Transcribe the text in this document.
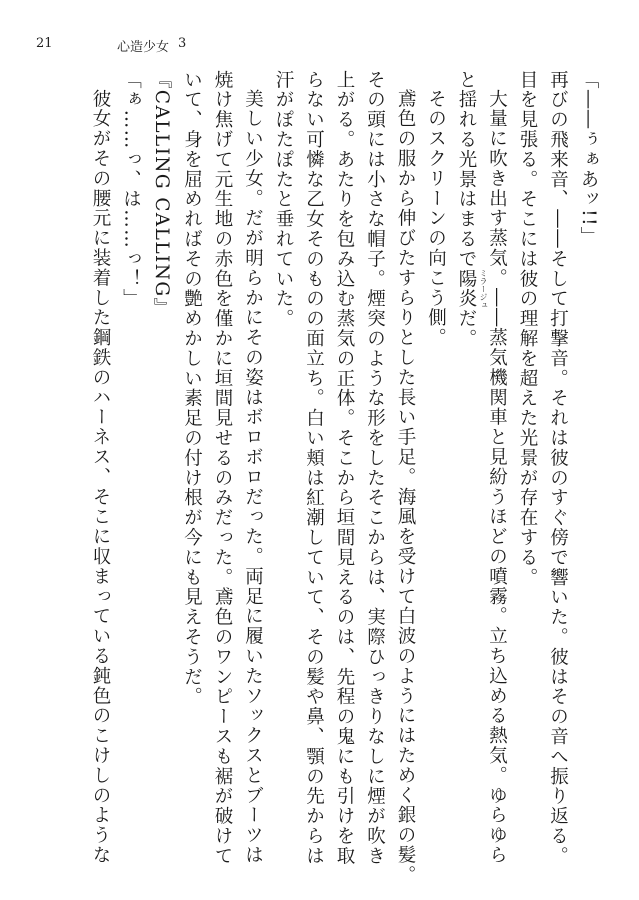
21	心造少女 3

「――ぅぁあッ!!」

再びの飛来音、――そして打撃音。それは彼のすぐ傍で響いた。彼はその音へ振り返る。

目を見張る。そこには彼の理解を超えた光景が存在する。

大量に吹き出す蒸気。――蒸気機関車と見紛うほどの噴霧。立ち込める熱気。ゆらゆら

と揺れる光景はまるで陽炎 ミラージュ
だ。

そのスクリーンの向こう側。

鳶色の服から伸びたすらりとした長い手足。海風を受けて白波のようにはためく銀の髪。

その頭には小さな帽子。煙突のような形をしたそこからは、実際ひっきりなしに煙が吹き

上がる。あたりを包み込む蒸気の正体。そこから垣間見えるのは、先程の鬼にも引けを取

らない可憐な乙女そのものの面立ち。白い頬は紅潮していて、その髪や鼻、顎の先からは

汗がぽたぽたと垂れていた。

美しい少女。だが明らかにその姿はボロボロだった。両足に履いたソックスとブーツは

焼け焦げて元生地の赤色を僅かに垣間見せるのみだった。鳶色のワンピースも裾が破けて

いて、身を屈めればその艶めかしい素足の付け根が今にも見えそうだ。

『CALLING CALLING』

「ぁ……っ、は……っ！」

彼女がその腰元に装着した鋼鉄のハーネス、そこに収まっている鈍色のこけしのような
